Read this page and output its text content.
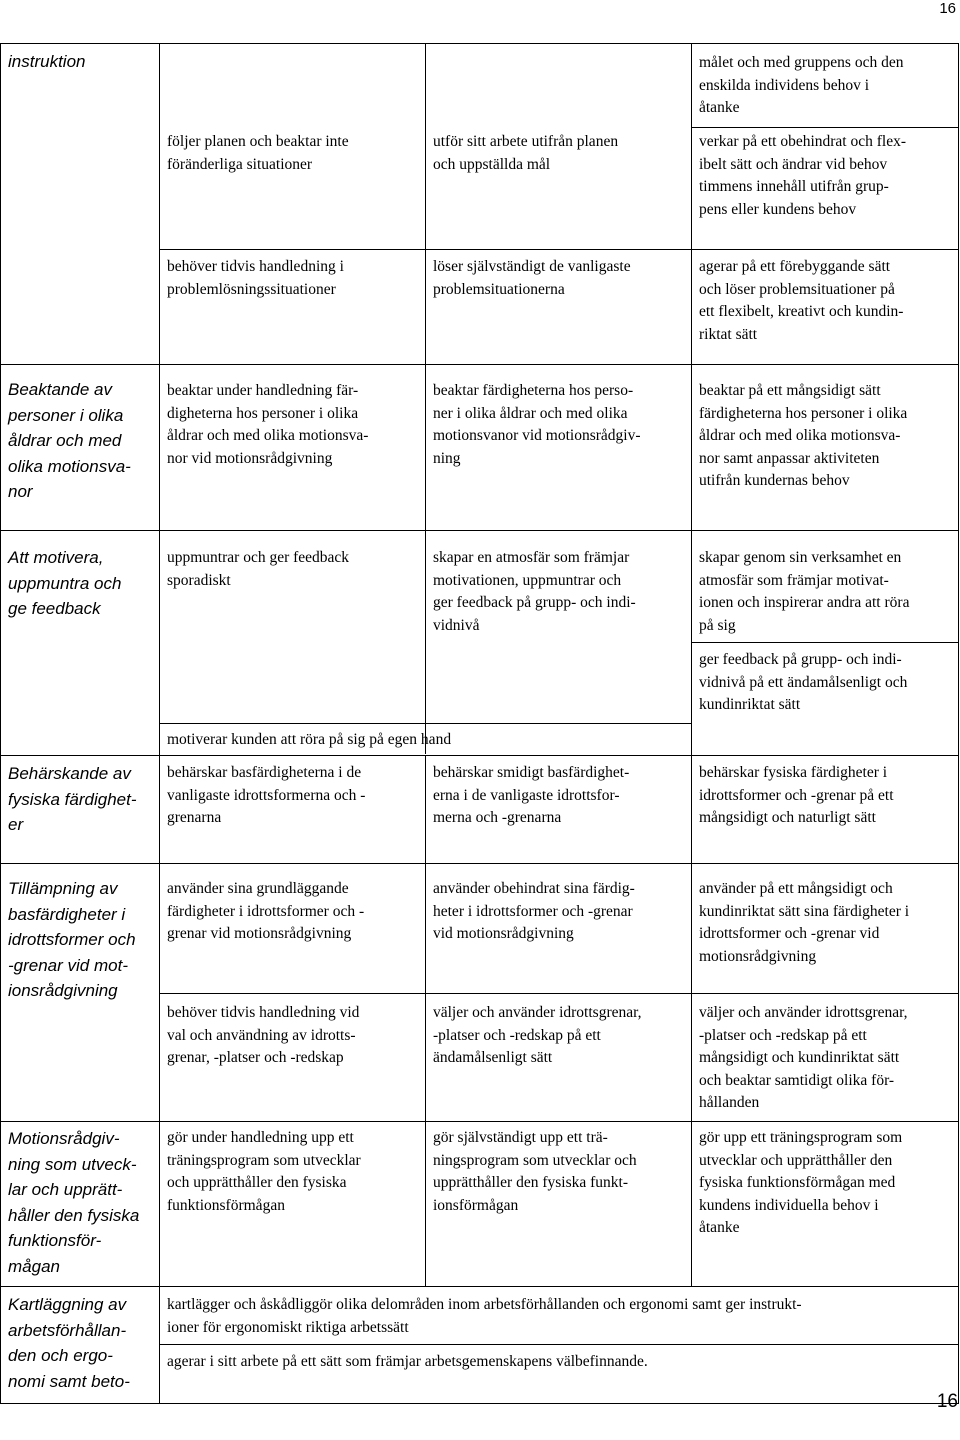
16
instruktion	målet och med gruppens och den
enskilda individens behov i
åtanke
följer planen och beaktar inte
föränderliga situationer
utför sitt arbete utifrån planen
och uppställda mål
verkar på ett obehindrat och flex-
ibelt sätt och ändrar vid behov
timmens innehåll utifrån grup-
pens eller kundens behov
behöver tidvis handledning i
problemlösningssituationer
löser självständigt de vanligaste
problemsituationerna
agerar på ett förebyggande sätt
och löser problemsituationer på
ett flexibelt, kreativt och kundin-
riktat sätt
Beaktande av
personer i olika
åldrar och med
olika motionsva-
nor
beaktar under handledning fär-
digheterna hos personer i olika
åldrar och med olika motionsva-
nor vid motionsrådgivning
beaktar färdigheterna hos perso-
ner i olika åldrar och med olika
motionsvanor vid motionsrådgiv-
ning
beaktar på ett mångsidigt sätt
färdigheterna hos personer i olika
åldrar och med olika motionsva-
nor samt anpassar aktiviteten
utifrån kundernas behov
Att motivera,
uppmuntra och
ge feedback
uppmuntrar och ger feedback
sporadiskt
skapar en atmosfär som främjar
motivationen, uppmuntrar och
ger feedback på grupp- och indi-
vidnivå
skapar genom sin verksamhet en
atmosfär som främjar motivat-
ionen och inspirerar andra att röra
på sig
ger feedback på grupp- och indi-
vidnivå på ett ändamålsenligt och
kundinriktat sätt
motiverar kunden att röra på sig på egen hand
Behärskande av
fysiska färdighet-
er
behärskar basfärdigheterna i de
vanligaste idrottsformerna och -
grenarna
behärskar smidigt basfärdighet-
erna i de vanligaste idrottsfor-
merna och -grenarna
behärskar fysiska färdigheter i
idrottsformer och -grenar på ett
mångsidigt och naturligt sätt
Tillämpning av
basfärdigheter i
idrottsformer och
-grenar vid mot-
ionsrådgivning
använder sina grundläggande
färdigheter i idrottsformer och -
grenar vid motionsrådgivning
använder obehindrat sina färdig-
heter i idrottsformer och -grenar
vid motionsrådgivning
använder på ett mångsidigt och
kundinriktat sätt sina färdigheter i
idrottsformer och -grenar vid
motionsrådgivning
behöver tidvis handledning vid
val och användning av idrotts-
grenar, -platser och -redskap
väljer och använder idrottsgrenar,
-platser och -redskap på ett
ändamålsenligt sätt
väljer och använder idrottsgrenar,
-platser och -redskap på ett
mångsidigt och kundinriktat sätt
och beaktar samtidigt olika för-
hållanden
Motionsrådgiv-
ning som utveck-
lar och upprätt-
håller den fysiska
funktionsför-
mågan
gör under handledning upp ett
träningsprogram som utvecklar
och upprätthåller den fysiska
funktionsförmågan
gör självständigt upp ett trä-
ningsprogram som utvecklar och
upprätthåller den fysiska funkt-
ionsförmågan
gör upp ett träningsprogram som
utvecklar och upprätthåller den
fysiska funktionsförmågan med
kundens individuella behov i
åtanke
Kartläggning av
arbetsförhållan-
den och ergo-
nomi samt beto-
kartlägger och åskådliggör olika delområden inom arbetsförhållanden och ergonomi samt ger instrukt-
ioner för ergonomiskt riktiga arbetssätt
agerar i sitt arbete på ett sätt som främjar arbetsgemenskapens välbefinnande.
16
